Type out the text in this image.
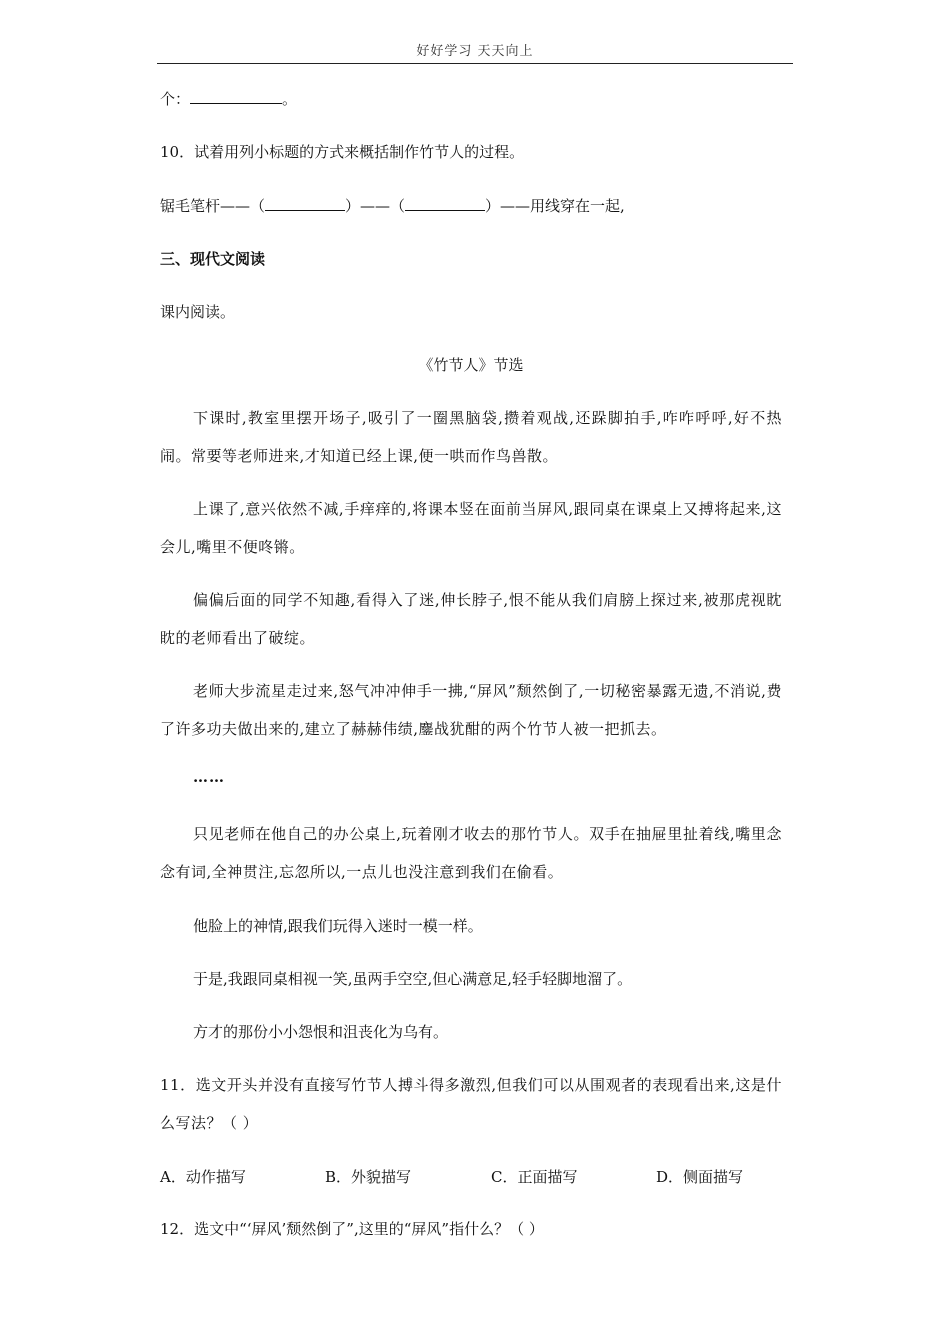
好好学习 天天向上
个：	。
10．试着用列小标题的方式来概括制作竹节人的过程。
锯毛笔杆——（	）——（	）——用线穿在一起,
三、现代文阅读
课内阅读。
《竹节人》节选
下课时,教室里摆开场子,吸引了一圈黑脑袋,攒着观战,还跺脚拍手,咋咋呼呼,好不热闹。常要等老师进来,才知道已经上课,便一哄而作鸟兽散。
上课了,意兴依然不减,手痒痒的,将课本竖在面前当屏风,跟同桌在课桌上又搏将起来,这会儿,嘴里不便咚锵。
偏偏后面的同学不知趣,看得入了迷,伸长脖子,恨不能从我们肩膀上探过来,被那虎视眈眈的老师看出了破绽。
老师大步流星走过来,怒气冲冲伸手一拂,“屏风”颓然倒了,一切秘密暴露无遗,不消说,费了许多功夫做出来的,建立了赫赫伟绩,鏖战犹酣的两个竹节人被一把抓去。
……
只见老师在他自己的办公桌上,玩着刚才收去的那竹节人。双手在抽屉里扯着线,嘴里念念有词,全神贯注,忘忽所以,一点儿也没注意到我们在偷看。
他脸上的神情,跟我们玩得入迷时一模一样。
于是,我跟同桌相视一笑,虽两手空空,但心满意足,轻手轻脚地溜了。
方才的那份小小怨恨和沮丧化为乌有。
11．选文开头并没有直接写竹节人搏斗得多激烈,但我们可以从围观者的表现看出来,这是什么写法？（ ）
A．动作描写	B．外貌描写	C．正面描写	D．侧面描写
12．选文中“‘屏风’颓然倒了”,这里的“屏风”指什么？（ ）
